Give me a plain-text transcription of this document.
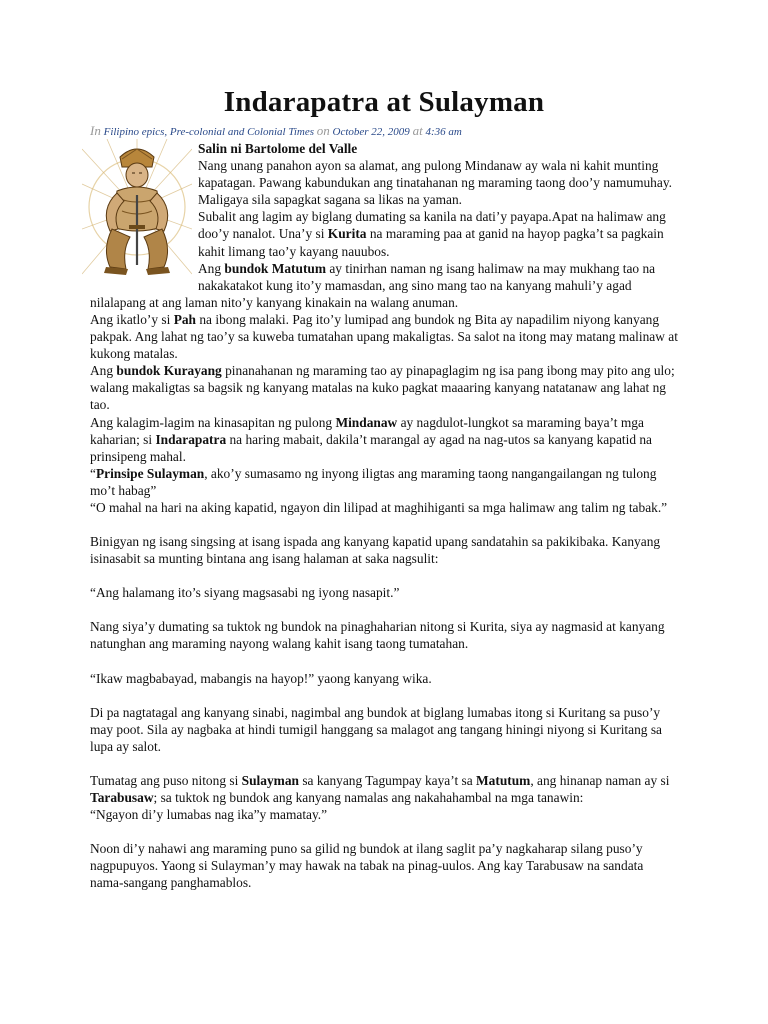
Indarapatra at Sulayman
In Filipino epics, Pre-colonial and Colonial Times on October 22, 2009 at 4:36 am

Salin ni Bartolome del Valle

Nang unang panahon ayon sa alamat, ang pulong Mindanaw ay wala ni kahit munting kapatagan. Pawang kabundukan ang tinatahanan ng maraming taong doo’y namumuhay. Maligaya sila sapagkat sagana sa likas na yaman.

Subalit ang lagim ay biglang dumating sa kanila na dati’y payapa.Apat na halimaw ang doo’y nanalot. Una’y si Kurita na maraming paa at ganid na hayop pagka’t sa pagkain kahit limang tao’y kayang nauubos.

Ang bundok Matutum ay tinirhan naman ng isang halimaw na may mukhang tao na nakakatakot kung ito’y mamasdan, ang sino mang tao na kanyang mahuli’y agad nilalapang at ang laman nito’y kanyang kinakain na walang anuman.

Ang ikatlo’y si Pah na ibong malaki. Pag ito’y lumipad ang bundok ng Bita ay napadilim niyong kanyang pakpak. Ang lahat ng tao’y sa kuweba tumatahan upang makaligtas. Sa salot na itong may matang malinaw at kukong matalas.

Ang bundok Kurayang pinanahanan ng maraming tao ay pinapaglagim ng isa pang ibong may pito ang ulo; walang makaligtas sa bagsik ng kanyang matalas na kuko pagkat maaaring kanyang natatanaw ang lahat ng tao.

Ang kalagim-lagim na kinasapitan ng pulong Mindanaw ay nagdulot-lungkot sa maraming baya’t mga kaharian; si Indarapatra na haring mabait, dakila’t marangal ay agad na nag-utos sa kanyang kapatid na prinsipeng mahal.

“Prinsipe Sulayman, ako’y sumasamo ng inyong iligtas ang maraming taong nangangailangan ng tulong mo’t habag”

“O mahal na hari na aking kapatid, ngayon din lilipad at maghihiganti sa mga halimaw ang talim ng tabak.”

Binigyan ng isang singsing at isang ispada ang kanyang kapatid upang sandatahin sa pakikibaka. Kanyang isinasabit sa munting bintana ang isang halaman at saka nagsulit:

“Ang halamang ito’s siyang magsasabi ng iyong nasapit.”

Nang siya’y dumating sa tuktok ng bundok na pinaghaharian nitong si Kurita, siya ay nagmasid at kanyang natunghan ang maraming nayong walang kahit isang taong tumatahan.

“Ikaw magbabayad, mabangis na hayop!” yaong kanyang wika.

Di pa nagtatagal ang kanyang sinabi, nagimbal ang bundok at biglang lumabas itong si Kuritang sa puso’y may poot. Sila ay nagbaka at hindi tumigil hanggang sa malagot ang tangang hiningi niyong si Kuritang sa lupa ay salot.

Tumatag ang puso nitong si Sulayman sa kanyang Tagumpay kaya’t sa Matutum, ang hinanap naman ay si Tarabusaw; sa tuktok ng bundok ang kanyang namalas ang nakahahambal na mga tanawin:

“Ngayon di’y lumabas nag ika”y mamatay.”

Noon di’y nahawi ang maraming puno sa gilid ng bundok at ilang saglit pa’y nagkaharap silang puso’y nagpupuyos. Yaong si Sulayman’y may hawak na tabak na pinag-uulos. Ang kay Tarabusaw na sandata nama-sangang panghamablos.
